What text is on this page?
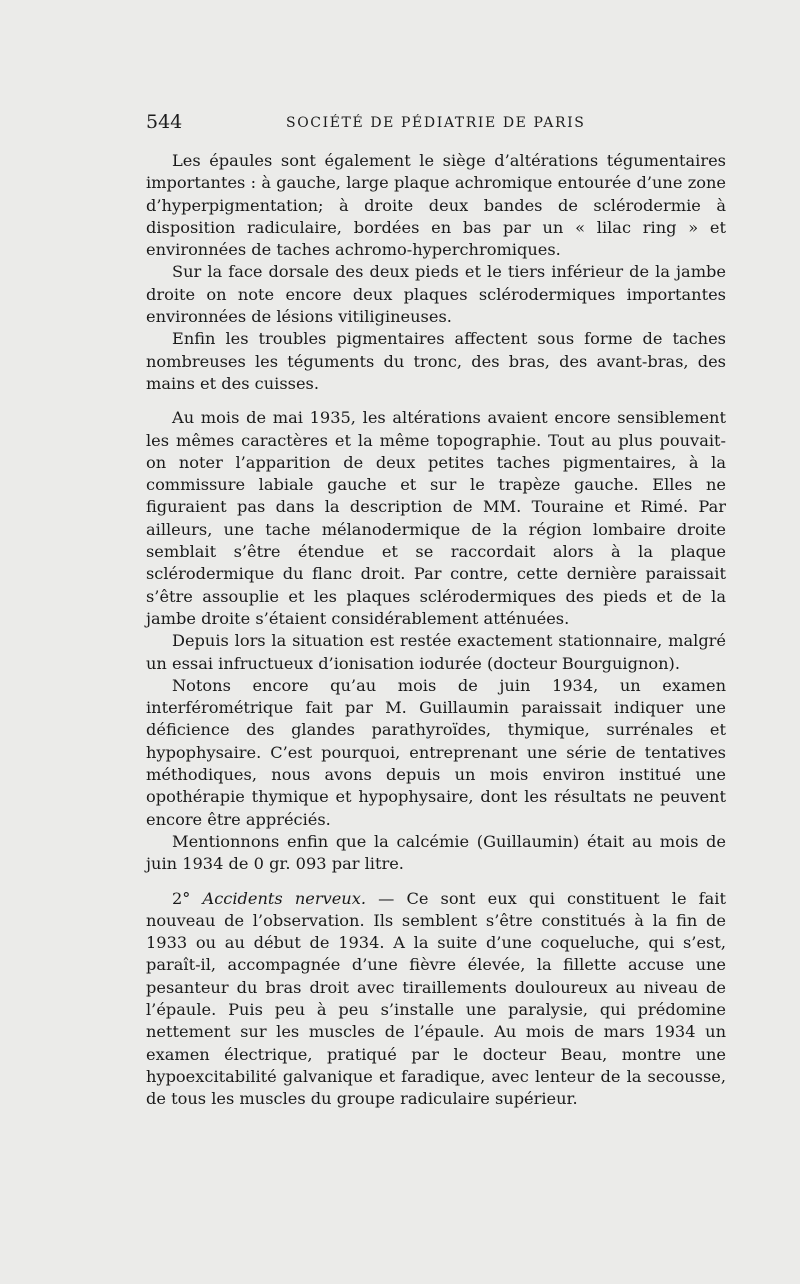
544	SOCIÉTÉ DE PÉDIATRIE DE PARIS

Les épaules sont également le siège d’altérations tégumentaires importantes : à gauche, large plaque achromique entourée d’une zone d’hyperpigmentation; à droite deux bandes de sclérodermie à disposition radiculaire, bordées en bas par un « lilac ring » et environnées de taches achromo-hyperchromiques.

Sur la face dorsale des deux pieds et le tiers inférieur de la jambe droite on note encore deux plaques sclérodermiques importantes environnées de lésions vitiligineuses.

Enfin les troubles pigmentaires affectent sous forme de taches nombreuses les téguments du tronc, des bras, des avant-bras, des mains et des cuisses.

Au mois de mai 1935, les altérations avaient encore sensiblement les mêmes caractères et la même topographie. Tout au plus pouvait-on noter l’apparition de deux petites taches pigmentaires, à la commissure labiale gauche et sur le trapèze gauche. Elles ne figuraient pas dans la description de MM. Touraine et Rimé. Par ailleurs, une tache mélanodermique de la région lombaire droite semblait s’être étendue et se raccordait alors à la plaque sclérodermique du flanc droit. Par contre, cette dernière paraissait s’être assouplie et les plaques sclérodermiques des pieds et de la jambe droite s’étaient considérablement atténuées.

Depuis lors la situation est restée exactement stationnaire, malgré un essai infructueux d’ionisation iodurée (docteur Bourguignon).

Notons encore qu’au mois de juin 1934, un examen interférométrique fait par M. Guillaumin paraissait indiquer une déficience des glandes parathyroïdes, thymique, surrénales et hypophysaire. C’est pourquoi, entreprenant une série de tentatives méthodiques, nous avons depuis un mois environ institué une opothérapie thymique et hypophysaire, dont les résultats ne peuvent encore être appréciés.

Mentionnons enfin que la calcémie (Guillaumin) était au mois de juin 1934 de 0 gr. 093 par litre.

2° Accidents nerveux. — Ce sont eux qui constituent le fait nouveau de l’observation. Ils semblent s’être constitués à la fin de 1933 ou au début de 1934. A la suite d’une coqueluche, qui s’est, paraît-il, accompagnée d’une fièvre élevée, la fillette accuse une pesanteur du bras droit avec tiraillements douloureux au niveau de l’épaule. Puis peu à peu s’installe une paralysie, qui prédomine nettement sur les muscles de l’épaule. Au mois de mars 1934 un examen électrique, pratiqué par le docteur Beau, montre une hypoexcitabilité galvanique et faradique, avec lenteur de la secousse, de tous les muscles du groupe radiculaire supérieur.
